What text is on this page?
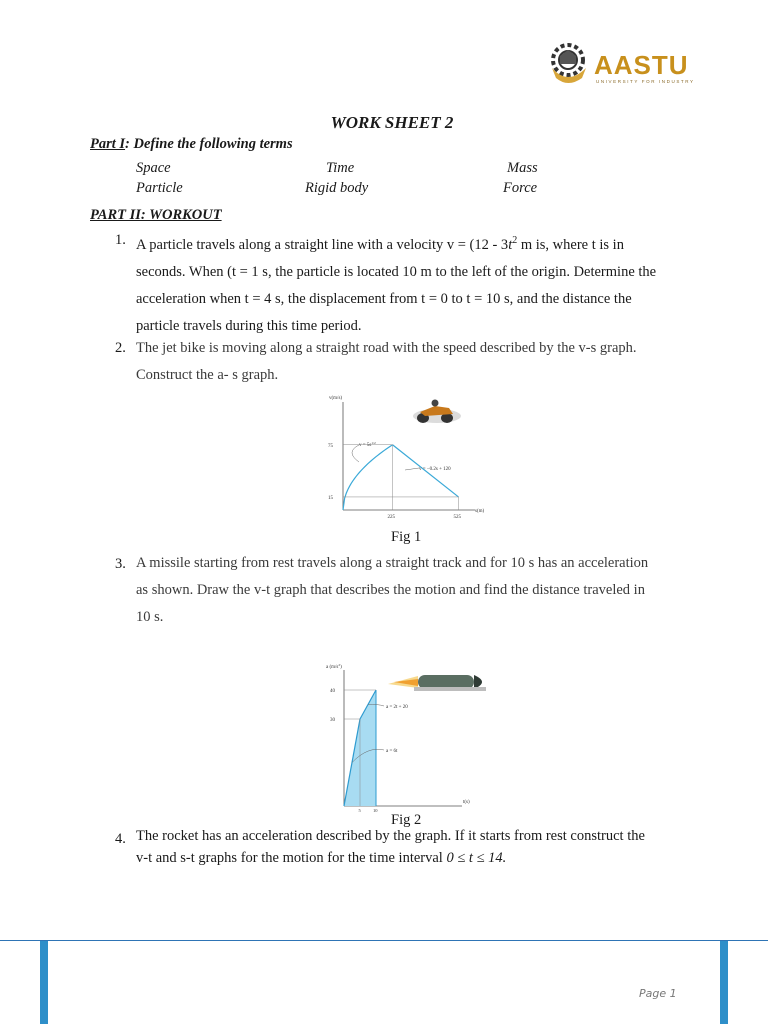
AASTU
UNIVERSITY FOR INDUSTRY
WORK SHEET 2
Part I: Define the following terms
Space	Time	Mass
Particle	Rigid body	Force
PART II: WORKOUT
1. A particle travels along a straight line with a velocity $v = (12 - 3t^2$ m is, where t is in
seconds. When (t = 1 s, the particle is located 10 m to the left of the origin. Determine the
acceleration when t = 4 s, the displacement from t = 0 to t = 10 s, and the distance the
particle travels during this time period.
2. The jet bike is moving along a straight road with the speed described by the v-s graph.
Construct the a- s graph.
v(m/s)
s(m)
75
15
225	525
$v = 5s^{1/2}$
v = −0.2s + 120
Fig 1
3. A missile starting from rest travels along a straight track and for 10 s has an acceleration
as shown. Draw the v-t graph that describes the motion and find the distance traveled in
10 s.
a $(m/s^2)$
t(s)
40
30
5	10
a = 2t + 20
a = 6t
Fig 2
4. The rocket has an acceleration described by the graph. If it starts from rest construct the
v-t and s-t graphs for the motion for the time interval 0 ≤ t ≤ 14.
Page 1
